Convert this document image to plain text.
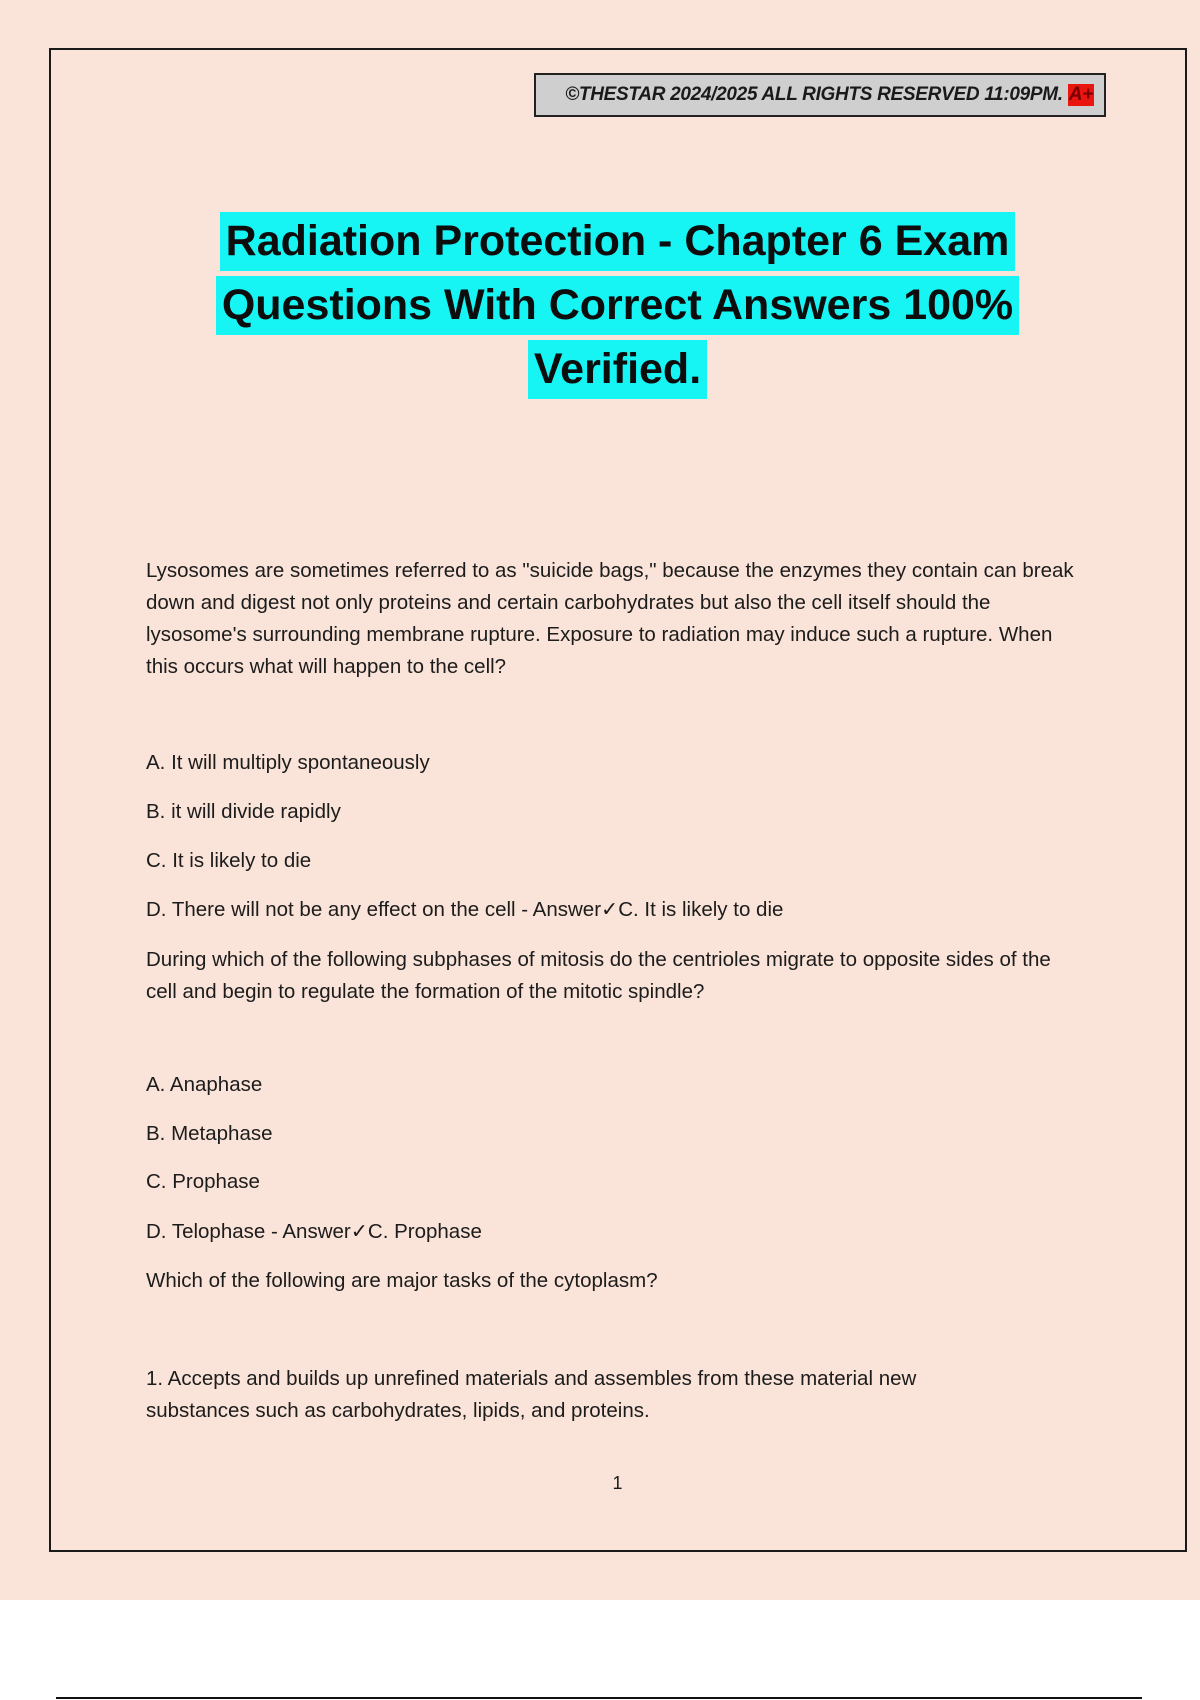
©THESTAR 2024/2025 ALL RIGHTS RESERVED 11:09PM. A+
Radiation Protection - Chapter 6 Exam
Questions With Correct Answers 100%
Verified.

Lysosomes are sometimes referred to as "suicide bags," because the enzymes they contain can break down and digest not only proteins and certain carbohydrates but also the cell itself should the lysosome's surrounding membrane rupture. Exposure to radiation may induce such a rupture. When this occurs what will happen to the cell?

A. It will multiply spontaneously

B. it will divide rapidly

C. It is likely to die

D. There will not be any effect on the cell - Answer✓C. It is likely to die

During which of the following subphases of mitosis do the centrioles migrate to opposite sides of the cell and begin to regulate the formation of the mitotic spindle?

A. Anaphase

B. Metaphase

C. Prophase

D. Telophase - Answer✓C. Prophase

Which of the following are major tasks of the cytoplasm?

1. Accepts and builds up unrefined materials and assembles from these material new substances such as carbohydrates, lipids, and proteins.

1
